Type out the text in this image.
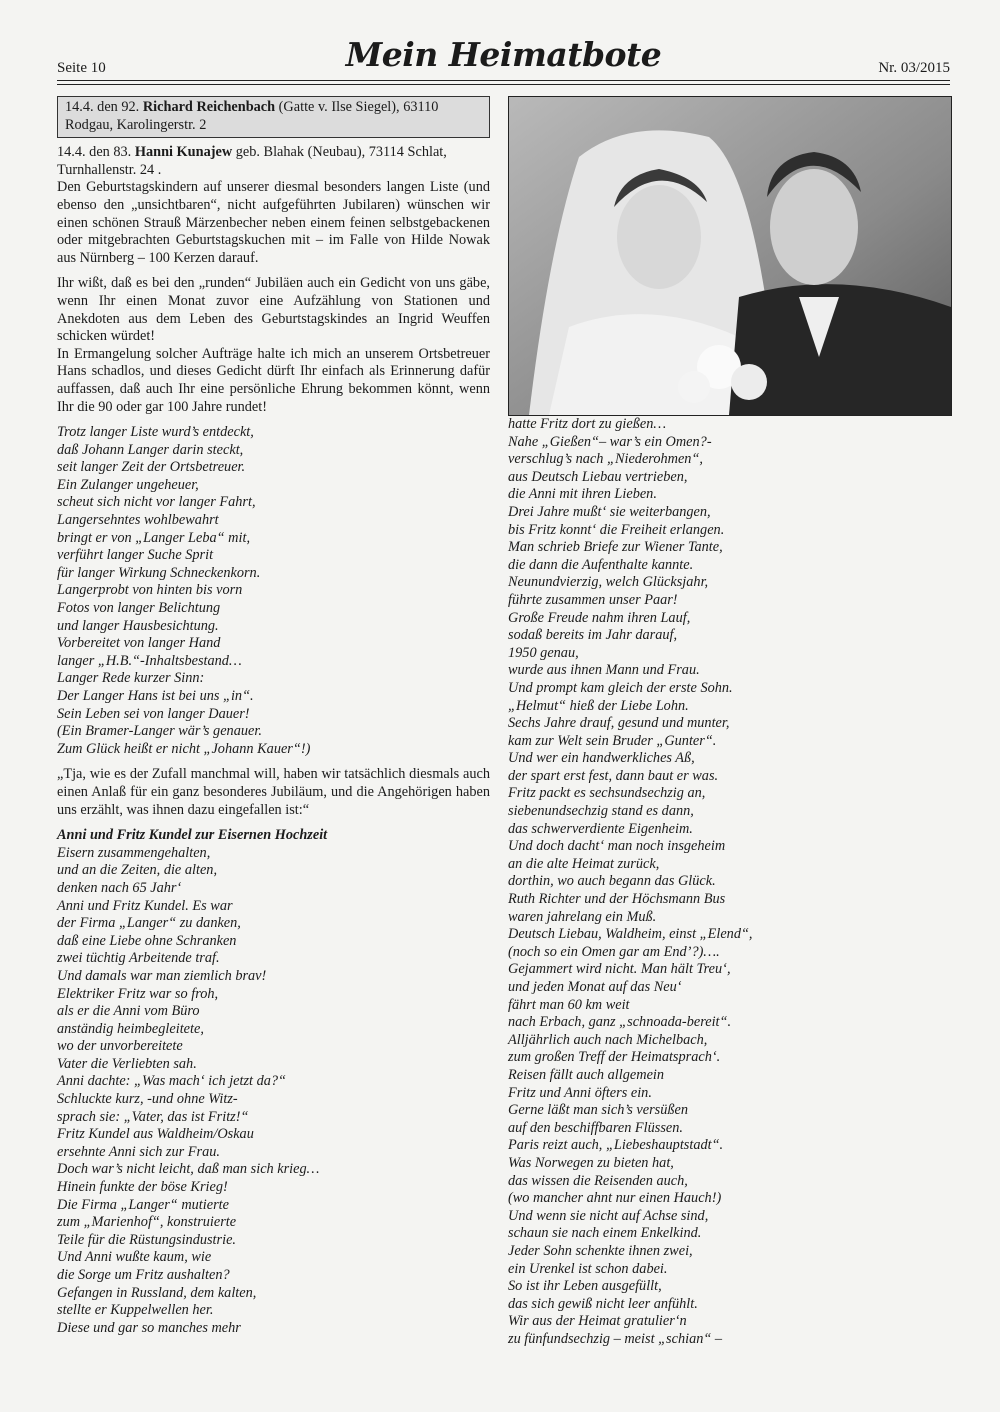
Seite 10	Mein Heimatbote	Nr. 03/2015
14.4. den 92. Richard Reichenbach (Gatte v. Ilse Siegel), 63110 Rodgau, Karolingerstr. 2

14.4. den 83. Hanni Kunajew geb. Blahak (Neubau), 73114 Schlat, Turnhallenstr. 24 .

Den Geburtstagskindern auf unserer diesmal besonders langen Liste (und ebenso den „unsichtbaren“, nicht aufgeführten Jubilaren) wünschen wir einen schönen Strauß Märzenbecher neben einem feinen selbstgebackenen oder mitgebrachten Geburtstagskuchen mit – im Falle von Hilde Nowak aus Nürnberg – 100 Kerzen darauf.

Ihr wißt, daß es bei den „runden“ Jubiläen auch ein Gedicht von uns gäbe, wenn Ihr einen Monat zuvor eine Aufzählung von Stationen und Anekdoten aus dem Leben des Geburtstagskindes an Ingrid Weuffen schicken würdet!

In Ermangelung solcher Aufträge halte ich mich an unserem Ortsbetreuer Hans schadlos, und dieses Gedicht dürft Ihr einfach als Erinnerung dafür auffassen, daß auch Ihr eine persönliche Ehrung bekommen könnt, wenn Ihr die 90 oder gar 100 Jahre rundet!

Trotz langer Liste wurd’s entdeckt,
daß Johann Langer darin steckt,
seit langer Zeit der Ortsbetreuer.
Ein Zulanger ungeheuer,
scheut sich nicht vor langer Fahrt,
Langersehntes wohlbewahrt
bringt er von „Langer Leba“ mit,
verführt langer Suche Sprit
für langer Wirkung Schneckenkorn.
Langerprobt von hinten bis vorn
Fotos von langer Belichtung
und langer Hausbesichtung.
Vorbereitet von langer Hand
langer „H.B.“-Inhaltsbestand…
Langer Rede kurzer Sinn:
Der Langer Hans ist bei uns „in“.
Sein Leben sei von langer Dauer!
(Ein Bramer-Langer wär’s genauer.
Zum Glück heißt er nicht „Johann Kauer“!)

„Tja, wie es der Zufall manchmal will, haben wir tatsächlich diesmals auch einen Anlaß für ein ganz besonderes Jubiläum, und die Angehörigen haben uns erzählt, was ihnen dazu eingefallen ist:“

Anni und Fritz Kundel zur Eisernen Hochzeit
Eisern zusammengehalten,
und an die Zeiten, die alten,
denken nach 65 Jahr‘
Anni und Fritz Kundel. Es war
der Firma „Langer“ zu danken,
daß eine Liebe ohne Schranken
zwei tüchtig Arbeitende traf.
Und damals war man ziemlich brav!
Elektriker Fritz war so froh,
als er die Anni vom Büro
anständig heimbegleitete,
wo der unvorbereitete
Vater die Verliebten sah.
Anni dachte: „Was mach‘ ich jetzt da?“
Schluckte kurz, -und ohne Witz-
sprach sie: „Vater, das ist Fritz!“
Fritz Kundel aus Waldheim/Oskau
ersehnte Anni sich zur Frau.
Doch war’s nicht leicht, daß man sich krieg…
Hinein funkte der böse Krieg!
Die Firma „Langer“ mutierte
zum „Marienhof“, konstruierte
Teile für die Rüstungsindustrie.
Und Anni wußte kaum, wie
die Sorge um Fritz aushalten?
Gefangen in Russland, dem kalten,
stellte er Kuppelwellen her.
Diese und gar so manches mehr
hatte Fritz dort zu gießen…
Nahe „Gießen“– war’s ein Omen?-
verschlug’s nach „Niederohmen“,
aus Deutsch Liebau vertrieben,
die Anni mit ihren Lieben.
Drei Jahre mußt‘ sie weiterbangen,
bis Fritz konnt‘ die Freiheit erlangen.
Man schrieb Briefe zur Wiener Tante,
die dann die Aufenthalte kannte.
Neunundvierzig, welch Glücksjahr,
führte zusammen unser Paar!
Große Freude nahm ihren Lauf,
sodaß bereits im Jahr darauf,
1950 genau,
wurde aus ihnen Mann und Frau.
Und prompt kam gleich der erste Sohn.
„Helmut“ hieß der Liebe Lohn.
Sechs Jahre drauf, gesund und munter,
kam zur Welt sein Bruder „Gunter“.
Und wer ein handwerkliches Aß,
der spart erst fest, dann baut er was.
Fritz packt es sechsundsechzig an,
siebenundsechzig stand es dann,
das schwerverdiente Eigenheim.
Und doch dacht‘ man noch insgeheim
an die alte Heimat zurück,
dorthin, wo auch begann das Glück.
Ruth Richter und der Höchsmann Bus
waren jahrelang ein Muß.
Deutsch Liebau, Waldheim, einst „Elend“,
(noch so ein Omen gar am End’?)….
Gejammert wird nicht. Man hält Treu‘,
und jeden Monat auf das Neu‘
fährt man 60 km weit
nach Erbach, ganz „schnoada-bereit“.
Alljährlich auch nach Michelbach,
zum großen Treff der Heimatsprach‘.
Reisen fällt auch allgemein
Fritz und Anni öfters ein.
Gerne läßt man sich’s versüßen
auf den beschiffbaren Flüssen.
Paris reizt auch, „Liebeshauptstadt“.
Was Norwegen zu bieten hat,
das wissen die Reisenden auch,
(wo mancher ahnt nur einen Hauch!)
Und wenn sie nicht auf Achse sind,
schaun sie nach einem Enkelkind.
Jeder Sohn schenkte ihnen zwei,
ein Urenkel ist schon dabei.
So ist ihr Leben ausgefüllt,
das sich gewiß nicht leer anfühlt.
Wir aus der Heimat gratulier‘n
zu fünfundsechzig – meist „schian“ –
